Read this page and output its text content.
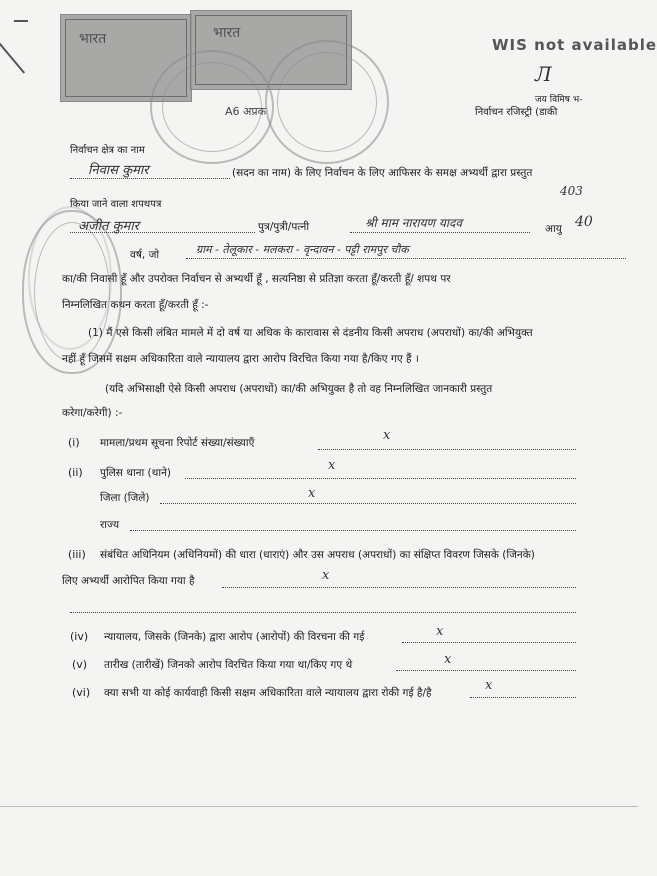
भारत	भारत
WIS not available
Л
जय विमिष भ-
निर्वाचन रजिस्ट्री (डाकी
A6 अप्रक
निर्वाचन क्षेत्र का नाम
निवास कुमार	(सदन का नाम) के लिए निर्वाचन के लिए आफिसर के समक्ष अभ्यर्थी द्वारा प्रस्तुत
403
किया जाने वाला शपथपत्र
अजीत कुमार	पुत्र/पुत्री/पत्नी	श्री माम नारायण यादव	आयु 40
वर्ष, जो	ग्राम - तेलूकार - मलकरा - वृन्दावन - पट्टी रामपुर चौक
का/की निवासी हूँ और उपरोक्त निर्वाचन से अभ्यर्थी हूँ , सत्यनिष्ठा से प्रतिज्ञा करता हूँ/करती हूँ/ शपथ पर
निम्नलिखित कथन करता हूँ/करती हूँ :-
(1) मैं एसे किसी लंबित मामले में दो वर्ष या अधिक के कारावास से दंडनीय किसी अपराध (अपराधों) का/की अभियुक्त
नहीं हूँ जिसमें सक्षम अधिकारिता वाले न्यायालय द्वारा आरोप विरचित किया गया है/किए गए हैं ।
(यदि अभिसाक्षी ऐसे किसी अपराध (अपराधों) का/की अभियुक्त है तो वह निम्नलिखित जानकारी प्रस्तुत
करेगा/करेगी) :-
(i) मामला/प्रथम सूचना रिपोर्ट संख्या/संख्याएँ	x
(ii) पुलिस थाना (थाने)	x
जिला (जिले)	x
राज्य
(iii) संबंधित अधिनियम (अधिनियमों) की धारा (धाराएं) और उस अपराध (अपराधों) का संक्षिप्त विवरण जिसके (जिनके)
लिए अभ्यर्थी आरोपित किया गया है	x
(iv) न्यायालय, जिसके (जिनके) द्वारा आरोप (आरोपों) की विरचना की गई	x
(v) तारीख (तारीखें) जिनको आरोप विरचित किया गया था/किए गए थे	x
(vi) क्या सभी या कोई कार्यवाही किसी सक्षम अधिकारिता वाले न्यायालय द्वारा रोकी गई है/है	x
